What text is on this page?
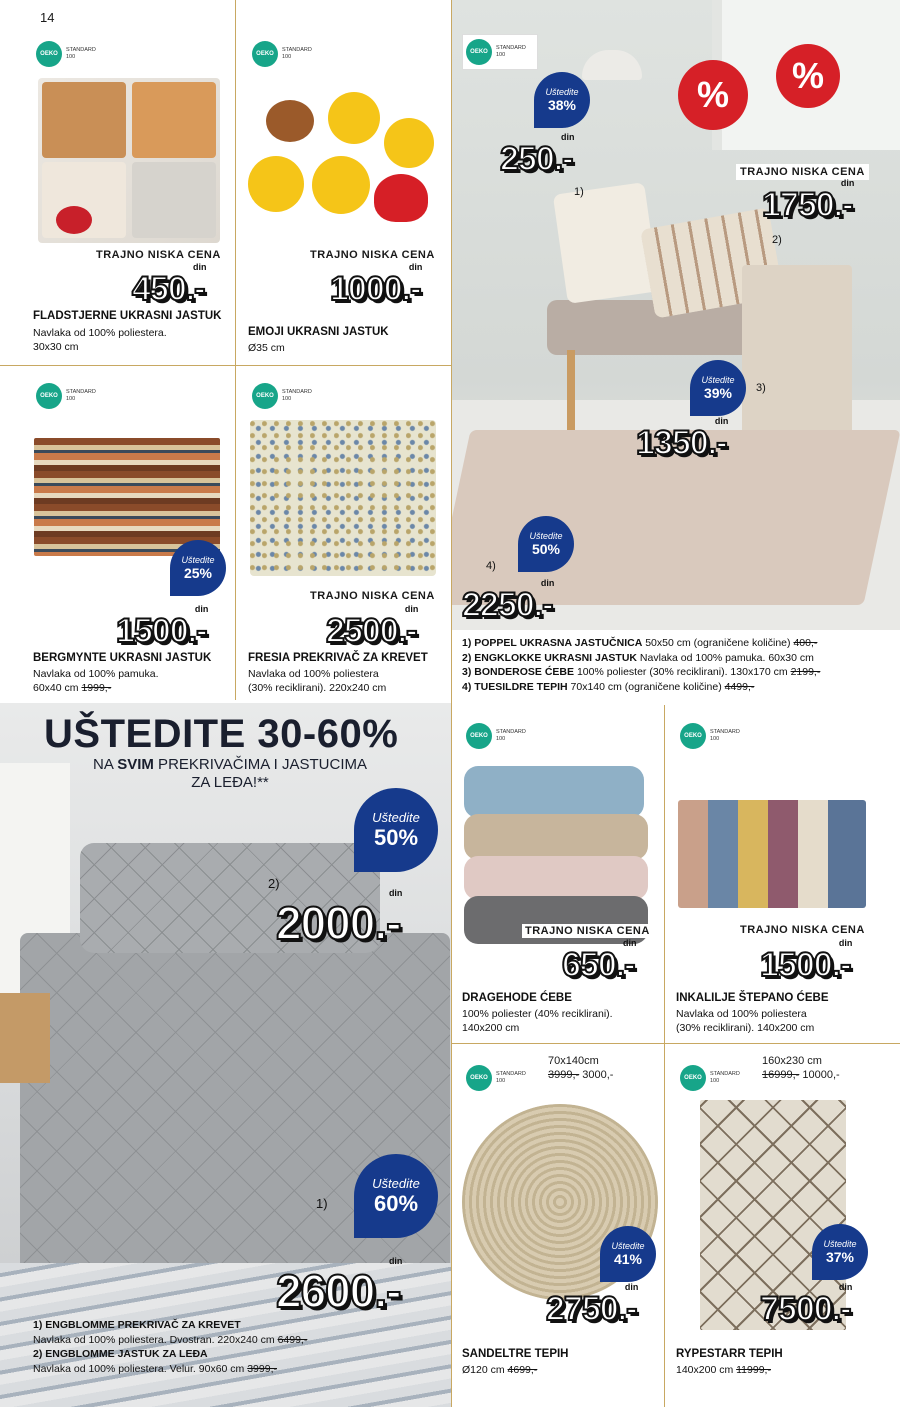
14
OEKO
STANDARD
100
TRAJNO NISKA CENA
450.-
din
FLADSTJERNE UKRASNI JASTUK
Navlaka od 100% poliestera.
30x30 cm
OEKO
STANDARD
100
TRAJNO NISKA CENA
1000.-
din
EMOJI UKRASNI JASTUK
Ø35 cm
OEKO
STANDARD
100
Uštedite
25%
1500.-
din
BERGMYNTE UKRASNI JASTUK
Navlaka od 100% pamuka.
60x40 cm 1999,-
OEKO
STANDARD
100
TRAJNO NISKA CENA
2500.-
din
FRESIA PREKRIVAČ ZA KREVET
Navlaka od 100% poliestera
(30% reciklirani). 220x240 cm
OEKO
STANDARD
100
%	%
Uštedite
38%
250.-
din
1)
TRAJNO NISKA CENA
1750.-
din
2)
Uštedite
39% 3)
1350.-
din
Uštedite
50%
4)
2250.-
din
1) POPPEL UKRASNA JASTUČNICA 50x50 cm (ograničene količine) 400,-
2) ENGKLOKKE UKRASNI JASTUK Navlaka od 100% pamuka. 60x30 cm
3) BONDEROSE ĆEBE 100% poliester (30% reciklirani). 130x170 cm 2199,-
4) TUESILDRE TEPIH 70x140 cm (ograničene količine) 4499,-
UŠTEDITE 30-60%
NA SVIM PREKRIVAČIMA I JASTUCIMA
ZA LEĐA!**
Uštedite
50%
2)
2000.-
din
Uštedite
60%
1)
2600.-
din
1) ENGBLOMME PREKRIVAČ ZA KREVET
Navlaka od 100% poliestera. Dvostran. 220x240 cm 6499,-
2) ENGBLOMME JASTUK ZA LEĐA
Navlaka od 100% poliestera. Velur. 90x60 cm 3999,-
OEKO
STANDARD
100
TRAJNO NISKA CENA
650.-
din
DRAGEHODE ĆEBE
100% poliester (40% reciklirani).
140x200 cm
OEKO
STANDARD
100
TRAJNO NISKA CENA
1500.-
din
INKALILJE ŠTEPANO ĆEBE
Navlaka od 100% poliestera
(30% reciklirani). 140x200 cm
OEKO
STANDARD
100
70x140cm
3999,- 3000,-
Uštedite
41%
2750.-
din
SANDELTRE TEPIH
Ø120 cm 4699,-
OEKO
STANDARD
100
160x230 cm
16999,- 10000,-
Uštedite
37%
7500.-
din
RYPESTARR TEPIH
140x200 cm 11999,-
